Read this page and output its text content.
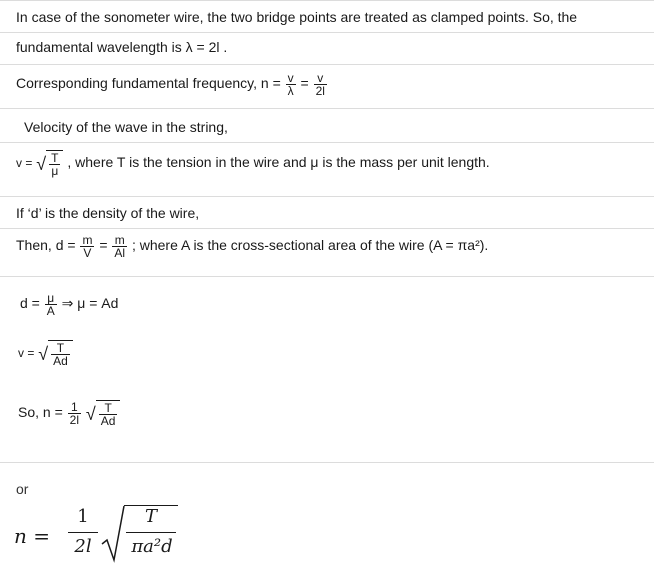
In case of the sonometer wire, the two bridge points are treated as clamped points. So, the
fundamental wavelength is λ = 2l .
Corresponding fundamental frequency, $n = \frac{v}{\lambda} = \frac{v}{2l}$
Velocity of the wave in the string,
v = √ $\frac{T}{\mu}$ , where T is the tension in the wire and μ is the mass per unit length.
If ‘d’ is the density of the wire,
Then, $d = \frac{m}{V} = \frac{m}{Al}$ ; where A is the cross-sectional area of the wire (A = πa²).
$d = \frac{\mu}{A}$ ⇒ μ = Ad
v = √ $\frac{T}{Ad}$
So, $n = \frac{1}{2l}$ √ $\frac{T}{Ad}$
or
n =
1
2l
T
πa²d
